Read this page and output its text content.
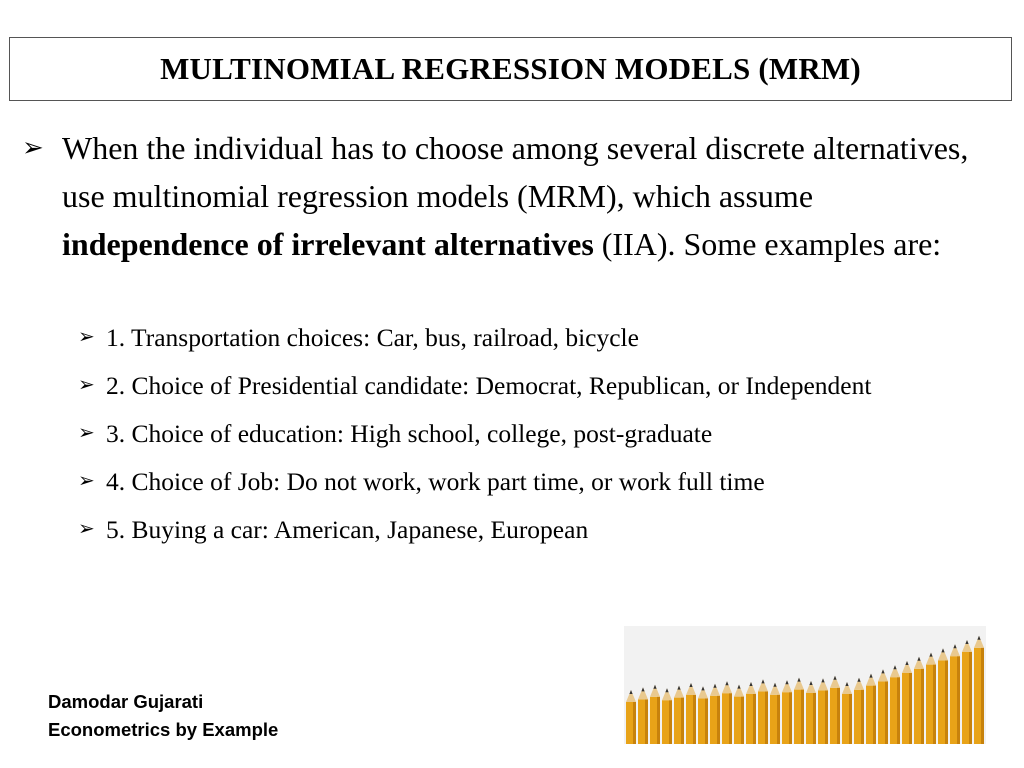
MULTINOMIAL REGRESSION MODELS (MRM)
➢ When the individual has to choose among several discrete alternatives, use multinomial regression models (MRM), which assume independence of irrelevant alternatives (IIA). Some examples are:
➢ 1. Transportation choices: Car, bus, railroad, bicycle
➢ 2. Choice of Presidential candidate: Democrat, Republican, or Independent
➢ 3. Choice of education: High school, college, post-graduate
➢ 4. Choice of Job: Do not work, work part time, or work full time
➢ 5. Buying a car: American, Japanese, European
Damodar Gujarati
Econometrics by Example
